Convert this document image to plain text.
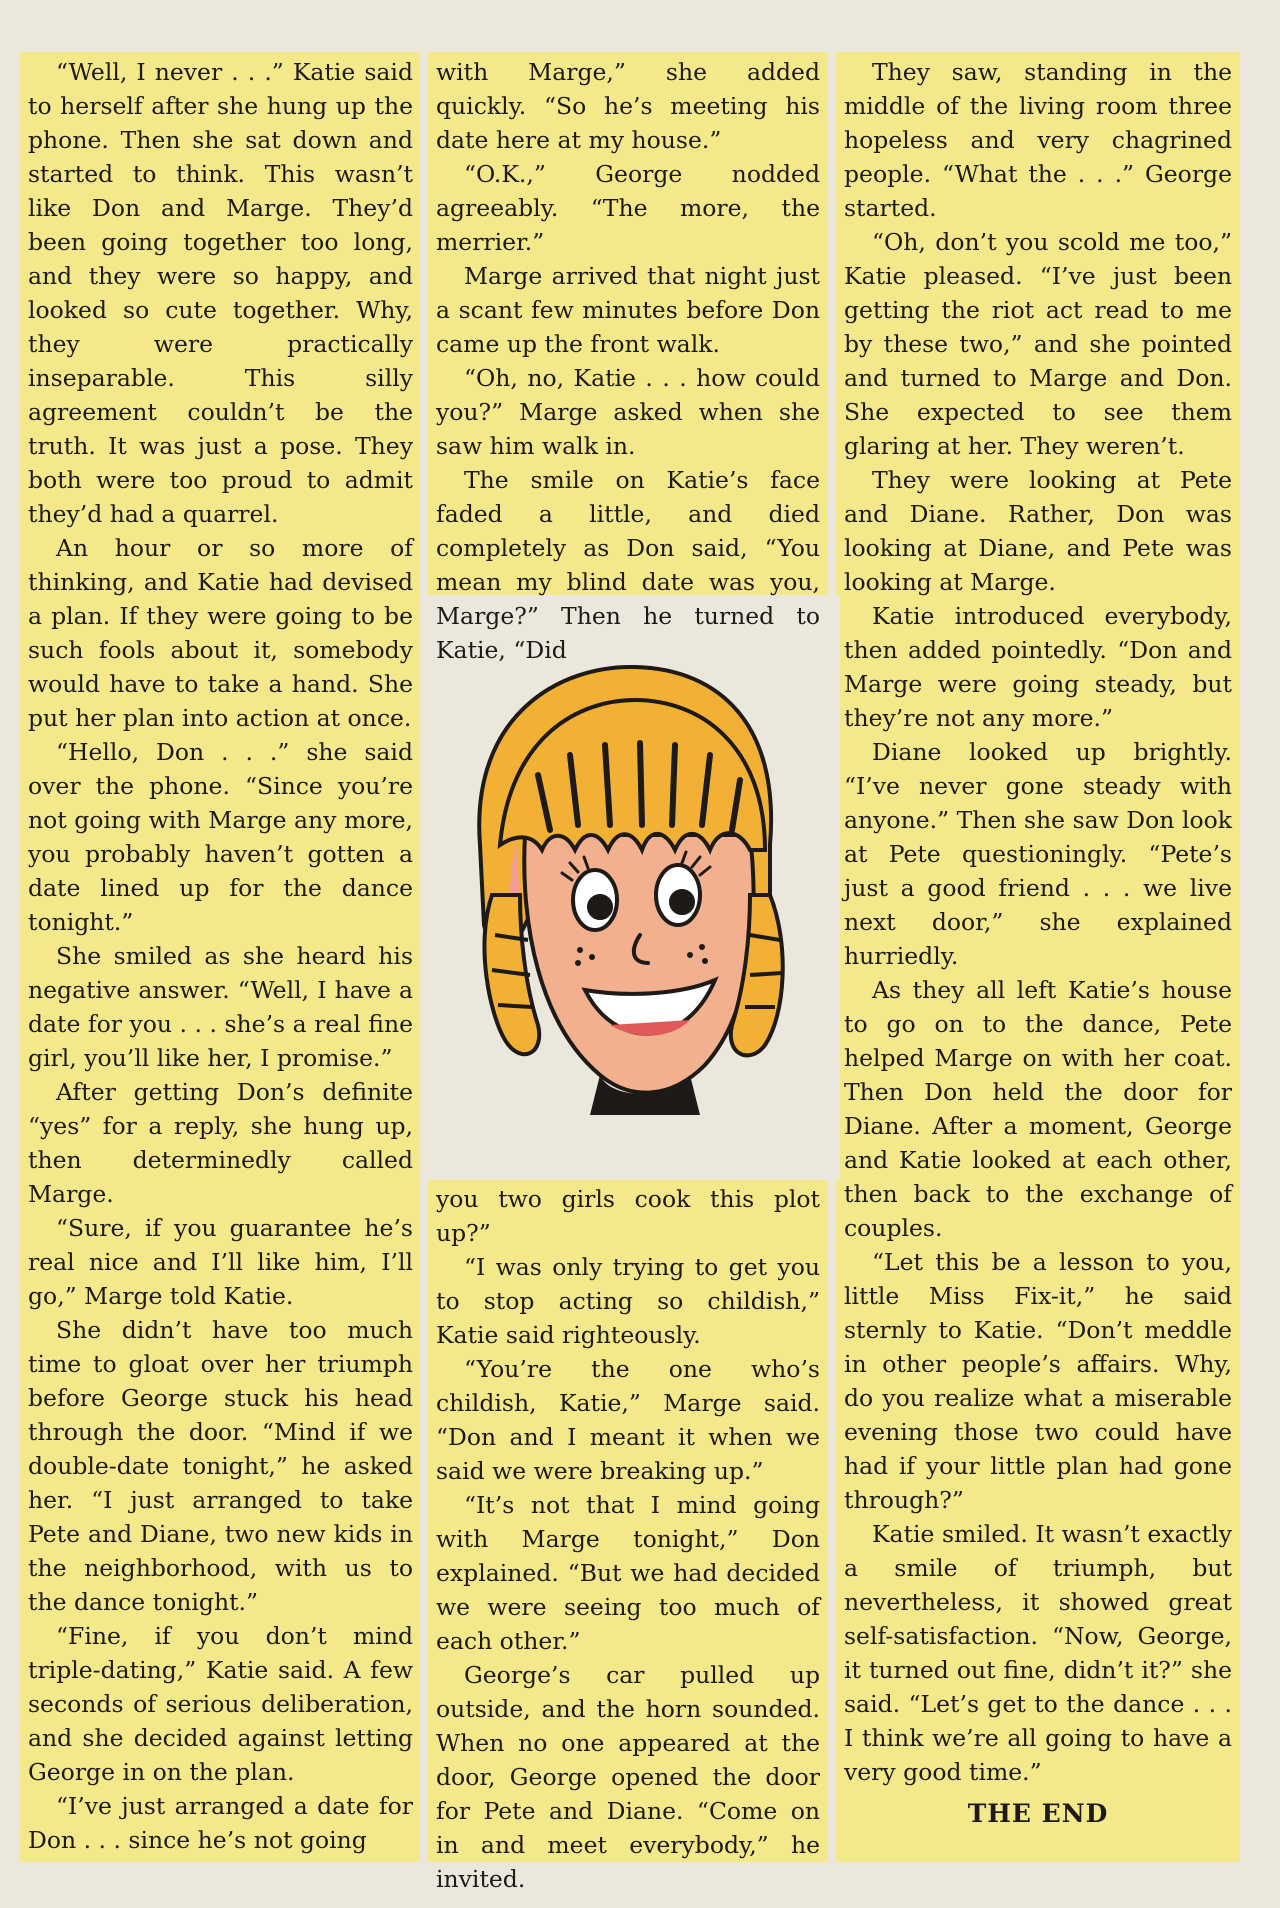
“Well, I never . . .” Katie said to herself after she hung up the phone. Then she sat down and started to think. This wasn’t like Don and Marge. They’d been going together too long, and they were so happy, and looked so cute together. Why, they were practically inseparable. This silly agreement couldn’t be the truth. It was just a pose. They both were too proud to admit they’d had a quarrel.

An hour or so more of thinking, and Katie had devised a plan. If they were going to be such fools about it, somebody would have to take a hand. She put her plan into action at once.

“Hello, Don . . .” she said over the phone. “Since you’re not going with Marge any more, you probably haven’t gotten a date lined up for the dance tonight.”

She smiled as she heard his negative answer. “Well, I have a date for you . . . she’s a real fine girl, you’ll like her, I promise.”

After getting Don’s definite “yes” for a reply, she hung up, then determinedly called Marge.

“Sure, if you guarantee he’s real nice and I’ll like him, I’ll go,” Marge told Katie.

She didn’t have too much time to gloat over her triumph before George stuck his head through the door. “Mind if we double-date tonight,” he asked her. “I just arranged to take Pete and Diane, two new kids in the neighborhood, with us to the dance tonight.”

“Fine, if you don’t mind triple-dating,” Katie said. A few seconds of serious deliberation, and she decided against letting George in on the plan.

“I’ve just arranged a date for Don . . . since he’s not going

with Marge,” she added quickly. “So he’s meeting his date here at my house.”

“O.K.,” George nodded agreeably. “The more, the merrier.”

Marge arrived that night just a scant few minutes before Don came up the front walk.

“Oh, no, Katie . . . how could you?” Marge asked when she saw him walk in.

The smile on Katie’s face faded a little, and died completely as Don said, “You mean my blind date was you, Marge?” Then he turned to Katie, “Did

you two girls cook this plot up?”

“I was only trying to get you to stop acting so childish,” Katie said righteously.

“You’re the one who’s childish, Katie,” Marge said. “Don and I meant it when we said we were breaking up.”

“It’s not that I mind going with Marge tonight,” Don explained. “But we had decided we were seeing too much of each other.”

George’s car pulled up outside, and the horn sounded. When no one appeared at the door, George opened the door for Pete and Diane. “Come on in and meet everybody,” he invited.

They saw, standing in the middle of the living room three hopeless and very chagrined people. “What the . . .” George started.

“Oh, don’t you scold me too,” Katie pleased. “I’ve just been getting the riot act read to me by these two,” and she pointed and turned to Marge and Don. She expected to see them glaring at her. They weren’t.

They were looking at Pete and Diane. Rather, Don was looking at Diane, and Pete was looking at Marge.

Katie introduced everybody, then added pointedly. “Don and Marge were going steady, but they’re not any more.”

Diane looked up brightly. “I’ve never gone steady with anyone.” Then she saw Don look at Pete questioningly. “Pete’s just a good friend . . . we live next door,” she explained hurriedly.

As they all left Katie’s house to go on to the dance, Pete helped Marge on with her coat. Then Don held the door for Diane. After a moment, George and Katie looked at each other, then back to the exchange of couples.

“Let this be a lesson to you, little Miss Fix-it,” he said sternly to Katie. “Don’t meddle in other people’s affairs. Why, do you realize what a miserable evening those two could have had if your little plan had gone through?”

Katie smiled. It wasn’t exactly a smile of triumph, but nevertheless, it showed great self-satisfaction. “Now, George, it turned out fine, didn’t it?” she said. “Let’s get to the dance . . . I think we’re all going to have a very good time.”

THE END
